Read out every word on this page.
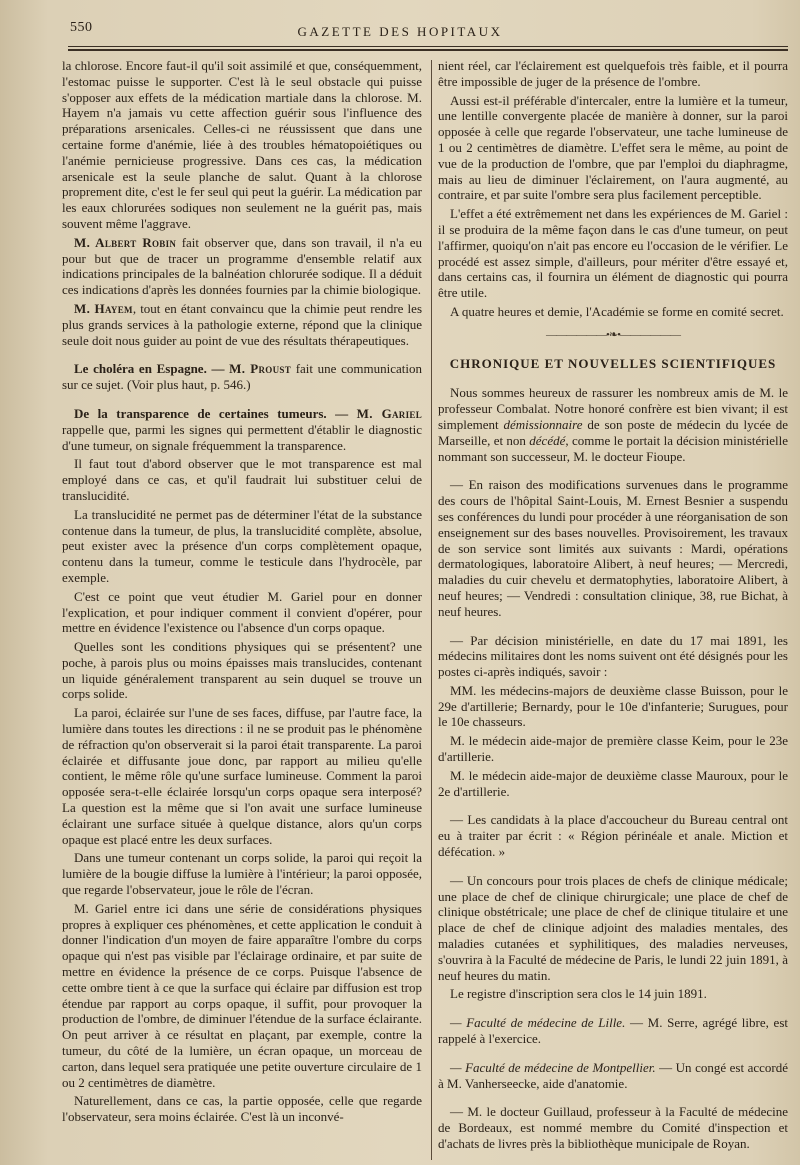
550	GAZETTE DES HOPITAUX

la chlorose. Encore faut-il qu'il soit assimilé et que, conséquemment, l'estomac puisse le supporter. C'est là le seul obstacle qui puisse s'opposer aux effets de la médication martiale dans la chlorose. M. Hayem n'a jamais vu cette affection guérir sous l'influence des préparations arsenicales. Celles-ci ne réussissent que dans une certaine forme d'anémie, liée à des troubles hématopoiétiques ou l'anémie pernicieuse progressive. Dans ces cas, la médication arsenicale est la seule planche de salut. Quant à la chlorose proprement dite, c'est le fer seul qui peut la guérir. La médication par les eaux chlorurées sodiques non seulement ne la guérit pas, mais souvent même l'aggrave.

M. Albert Robin fait observer que, dans son travail, il n'a eu pour but que de tracer un programme d'ensemble relatif aux indications principales de la balnéation chlorurée sodique. Il a déduit ces indications d'après les données fournies par la chimie biologique.

M. Hayem, tout en étant convaincu que la chimie peut rendre les plus grands services à la pathologie externe, répond que la clinique seule doit nous guider au point de vue des résultats thérapeutiques.

Le choléra en Espagne. — M. Proust fait une communication sur ce sujet. (Voir plus haut, p. 546.)

De la transparence de certaines tumeurs. — M. Gariel rappelle que, parmi les signes qui permettent d'établir le diagnostic d'une tumeur, on signale fréquemment la transparence.

Il faut tout d'abord observer que le mot transparence est mal employé dans ce cas, et qu'il faudrait lui substituer celui de translucidité.

La translucidité ne permet pas de déterminer l'état de la substance contenue dans la tumeur, de plus, la translucidité complète, absolue, peut exister avec la présence d'un corps complètement opaque, contenu dans la tumeur, comme le testicule dans l'hydrocèle, par exemple.

C'est ce point que veut étudier M. Gariel pour en donner l'explication, et pour indiquer comment il convient d'opérer, pour mettre en évidence l'existence ou l'absence d'un corps opaque.

Quelles sont les conditions physiques qui se présentent? une poche, à parois plus ou moins épaisses mais translucides, contenant un liquide généralement transparent au sein duquel se trouve un corps solide.

La paroi, éclairée sur l'une de ses faces, diffuse, par l'autre face, la lumière dans toutes les directions : il ne se produit pas le phénomène de réfraction qu'on observerait si la paroi était transparente. La paroi éclairée et diffusante joue donc, par rapport au milieu qu'elle contient, le même rôle qu'une surface lumineuse. Comment la paroi opposée sera-t-elle éclairée lorsqu'un corps opaque sera interposé? La question est la même que si l'on avait une surface lumineuse éclairant une surface située à quelque distance, alors qu'un corps opaque est placé entre les deux surfaces.

Dans une tumeur contenant un corps solide, la paroi qui reçoit la lumière de la bougie diffuse la lumière à l'intérieur; la paroi opposée, que regarde l'observateur, joue le rôle de l'écran.

M. Gariel entre ici dans une série de considérations physiques propres à expliquer ces phénomènes, et cette application le conduit à donner l'indication d'un moyen de faire apparaître l'ombre du corps opaque qui n'est pas visible par l'éclairage ordinaire, et par suite de mettre en évidence la présence de ce corps. Puisque l'absence de cette ombre tient à ce que la surface qui éclaire par diffusion est trop étendue par rapport au corps opaque, il suffit, pour provoquer la production de l'ombre, de diminuer l'étendue de la surface éclairante. On peut arriver à ce résultat en plaçant, par exemple, contre la tumeur, du côté de la lumière, un écran opaque, un morceau de carton, dans lequel sera pratiquée une petite ouverture circulaire de 1 ou 2 centimètres de diamètre.

Naturellement, dans ce cas, la partie opposée, celle que regarde l'observateur, sera moins éclairée. C'est là un inconvé-

nient réel, car l'éclairement est quelquefois très faible, et il pourra être impossible de juger de la présence de l'ombre.

Aussi est-il préférable d'intercaler, entre la lumière et la tumeur, une lentille convergente placée de manière à donner, sur la paroi opposée à celle que regarde l'observateur, une tache lumineuse de 1 ou 2 centimètres de diamètre. L'effet sera le même, au point de vue de la production de l'ombre, que par l'emploi du diaphragme, mais au lieu de diminuer l'éclairement, on l'aura augmenté, au contraire, et par suite l'ombre sera plus facilement perceptible.

L'effet a été extrêmement net dans les expériences de M. Gariel : il se produira de la même façon dans le cas d'une tumeur, on peut l'affirmer, quoiqu'on n'ait pas encore eu l'occasion de le vérifier. Le procédé est assez simple, d'ailleurs, pour mériter d'être essayé et, dans certains cas, il fournira un élément de diagnostic qui pourra être utile.

A quatre heures et demie, l'Académie se forme en comité secret.

——————•❧•——————
CHRONIQUE ET NOUVELLES SCIENTIFIQUES

Nous sommes heureux de rassurer les nombreux amis de M. le professeur Combalat. Notre honoré confrère est bien vivant; il est simplement démissionnaire de son poste de médecin du lycée de Marseille, et non décédé, comme le portait la décision ministérielle nommant son successeur, M. le docteur Fioupe.

— En raison des modifications survenues dans le programme des cours de l'hôpital Saint-Louis, M. Ernest Besnier a suspendu ses conférences du lundi pour procéder à une réorganisation de son enseignement sur des bases nouvelles. Provisoirement, les travaux de son service sont limités aux suivants : Mardi, opérations dermatologiques, laboratoire Alibert, à neuf heures; — Mercredi, maladies du cuir chevelu et dermatophyties, laboratoire Alibert, à neuf heures; — Vendredi : consultation clinique, 38, rue Bichat, à neuf heures.

— Par décision ministérielle, en date du 17 mai 1891, les médecins militaires dont les noms suivent ont été désignés pour les postes ci-après indiqués, savoir :

MM. les médecins-majors de deuxième classe Buisson, pour le 29e d'artillerie; Bernardy, pour le 10e d'infanterie; Surugues, pour le 10e chasseurs.

M. le médecin aide-major de première classe Keim, pour le 23e d'artillerie.

M. le médecin aide-major de deuxième classe Mauroux, pour le 2e d'artillerie.

— Les candidats à la place d'accoucheur du Bureau central ont eu à traiter par écrit : « Région périnéale et anale. Miction et défécation. »

— Un concours pour trois places de chefs de clinique médicale; une place de chef de clinique chirurgicale; une place de chef de clinique obstétricale; une place de chef de clinique titulaire et une place de chef de clinique adjoint des maladies mentales, des maladies cutanées et syphilitiques, des maladies nerveuses, s'ouvrira à la Faculté de médecine de Paris, le lundi 22 juin 1891, à neuf heures du matin.

Le registre d'inscription sera clos le 14 juin 1891.

— Faculté de médecine de Lille. — M. Serre, agrégé libre, est rappelé à l'exercice.

— Faculté de médecine de Montpellier. — Un congé est accordé à M. Vanherseecke, aide d'anatomie.

— M. le docteur Guillaud, professeur à la Faculté de médecine de Bordeaux, est nommé membre du Comité d'inspection et d'achats de livres près la bibliothèque municipale de Royan.
